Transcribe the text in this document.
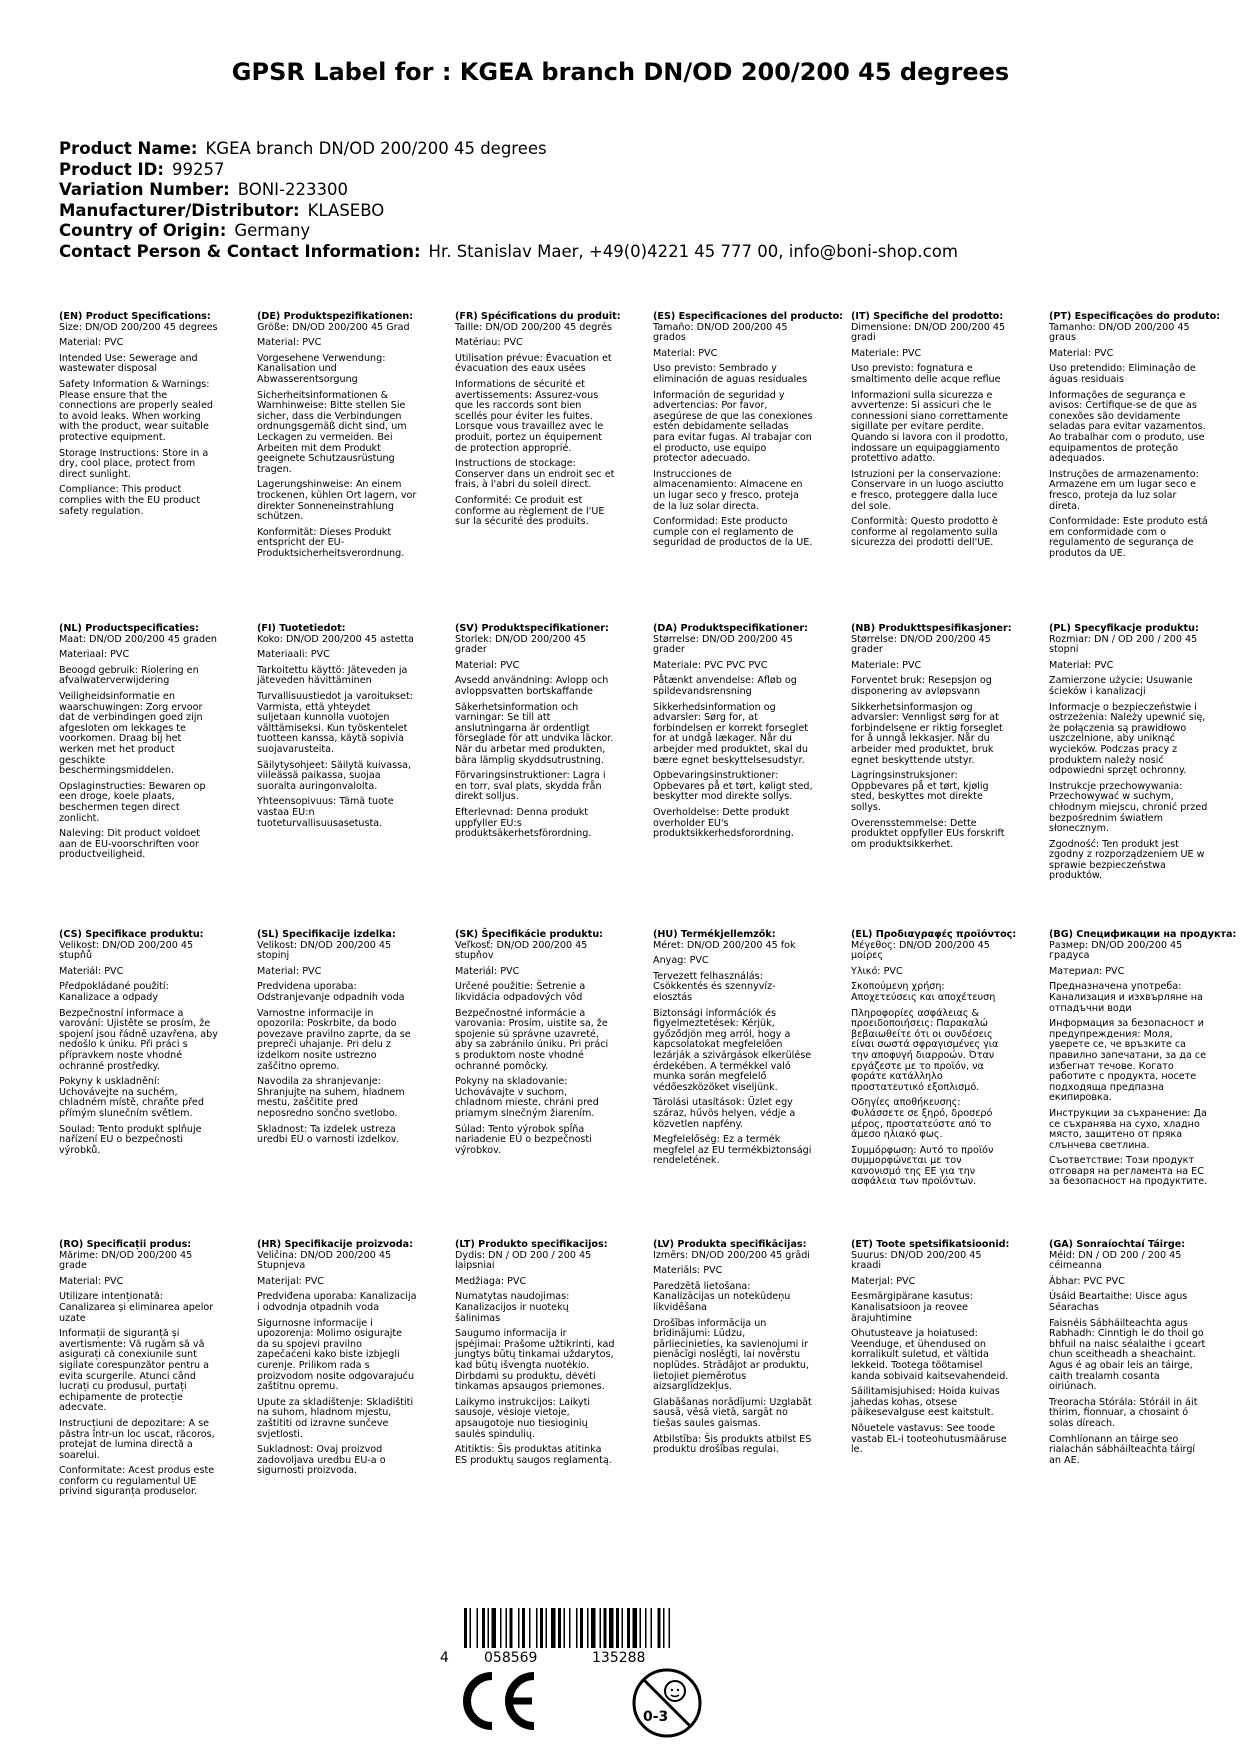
GPSR Label for : KGEA branch DN/OD 200/200 45 degrees
Product Name: KGEA branch DN/OD 200/200 45 degrees
Product ID: 99257
Variation Number: BONI-223300
Manufacturer/Distributor: KLASEBO
Country of Origin: Germany
Contact Person & Contact Information: Hr. Stanislav Maer, +49(0)4221 45 777 00, info@boni-shop.com
(EN) Product Specifications:
Size: DN/OD 200/200 45 degrees
Material: PVC
Intended Use: Sewerage and wastewater disposal
Safety Information & Warnings: Please ensure that the connections are properly sealed to avoid leaks. When working with the product, wear suitable protective equipment.
Storage Instructions: Store in a dry, cool place, protect from direct sunlight.
Compliance: This product complies with the EU product safety regulation.
(DE) Produktspezifikationen:
Größe: DN/OD 200/200 45 Grad
Material: PVC
Vorgesehene Verwendung: Kanalisation und Abwasserentsorgung
Sicherheitsinformationen & Warnhinweise: Bitte stellen Sie sicher, dass die Verbindungen ordnungsgemäß dicht sind, um Leckagen zu vermeiden. Bei Arbeiten mit dem Produkt geeignete Schutzausrüstung tragen.
Lagerungshinweise: An einem trockenen, kühlen Ort lagern, vor direkter Sonneneinstrahlung schützen.
Konformität: Dieses Produkt entspricht der EU-Produktsicherheitsverordnung.
(FR) Spécifications du produit:
Taille: DN/OD 200/200 45 degrés
Matériau: PVC
Utilisation prévue: Évacuation et évacuation des eaux usées
Informations de sécurité et avertissements: Assurez-vous que les raccords sont bien scellés pour éviter les fuites. Lorsque vous travaillez avec le produit, portez un équipement de protection approprié.
Instructions de stockage: Conserver dans un endroit sec et frais, à l'abri du soleil direct.
Conformité: Ce produit est conforme au règlement de l'UE sur la sécurité des produits.
(ES) Especificaciones del producto:
Tamaño: DN/OD 200/200 45 grados
Material: PVC
Uso previsto: Sembrado y eliminación de aguas residuales
Información de seguridad y advertencias: Por favor, asegúrese de que las conexiones estén debidamente selladas para evitar fugas. Al trabajar con el producto, use equipo protector adecuado.
Instrucciones de almacenamiento: Almacene en un lugar seco y fresco, proteja de la luz solar directa.
Conformidad: Este producto cumple con el reglamento de seguridad de productos de la UE.
(IT) Specifiche del prodotto:
Dimensione: DN/OD 200/200 45 gradi
Materiale: PVC
Uso previsto: fognatura e smaltimento delle acque reflue
Informazioni sulla sicurezza e avvertenze: Si assicuri che le connessioni siano correttamente sigillate per evitare perdite. Quando si lavora con il prodotto, indossare un equipaggiamento protettivo adatto.
Istruzioni per la conservazione: Conservare in un luogo asciutto e fresco, proteggere dalla luce del sole.
Conformità: Questo prodotto è conforme al regolamento sulla sicurezza dei prodotti dell'UE.
(PT) Especificações do produto:
Tamanho: DN/OD 200/200 45 graus
Material: PVC
Uso pretendido: Eliminação de águas residuais
Informações de segurança e avisos: Certifique-se de que as conexões são devidamente seladas para evitar vazamentos. Ao trabalhar com o produto, use equipamentos de proteção adequados.
Instruções de armazenamento: Armazene em um lugar seco e fresco, proteja da luz solar direta.
Conformidade: Este produto está em conformidade com o regulamento de segurança de produtos da UE.
(NL) Productspecificaties:
Maat: DN/OD 200/200 45 graden
Materiaal: PVC
Beoogd gebruik: Riolering en afvalwaterverwijdering
Veiligheidsinformatie en waarschuwingen: Zorg ervoor dat de verbindingen goed zijn afgesloten om lekkages te voorkomen. Draag bij het werken met het product geschikte beschermingsmiddelen.
Opslaginstructies: Bewaren op een droge, koele plaats, beschermen tegen direct zonlicht.
Naleving: Dit product voldoet aan de EU-voorschriften voor productveiligheid.
(FI) Tuotetiedot:
Koko: DN/OD 200/200 45 astetta
Materiaali: PVC
Tarkoitettu käyttö: Jäteveden ja jäteveden hävittäminen
Turvallisuustiedot ja varoitukset: Varmista, että yhteydet suljetaan kunnolla vuotojen välttämiseksi. Kun työskentelet tuotteen kanssa, käytä sopivia suojavarusteita.
Säilytysohjeet: Säilytä kuivassa, viileässä paikassa, suojaa suoralta auringonvalolta.
Yhteensopivuus: Tämä tuote vastaa EU:n tuoteturvallisuusasetusta.
(SV) Produktspecifikationer:
Storlek: DN/OD 200/200 45 grader
Material: PVC
Avsedd användning: Avlopp och avloppsvatten bortskaffande
Säkerhetsinformation och varningar: Se till att anslutningarna är ordentligt förseglade för att undvika läckor. När du arbetar med produkten, bära lämplig skyddsutrustning.
Förvaringsinstruktioner: Lagra i en torr, sval plats, skydda från direkt solljus.
Efterlevnad: Denna produkt uppfyller EU:s produktsäkerhetsförordning.
(DA) Produktspecifikationer:
Størrelse: DN/OD 200/200 45 grader
Materiale: PVC PVC PVC
Påtænkt anvendelse: Afløb og spildevandsrensning
Sikkerhedsinformation og advarsler: Sørg for, at forbindelsen er korrekt forseglet for at undgå lækager. Når du arbejder med produktet, skal du bære egnet beskyttelsesudstyr.
Opbevaringsinstruktioner: Opbevares på et tørt, køligt sted, beskytter mod direkte sollys.
Overholdelse: Dette produkt overholder EU's produktsikkerhedsforordning.
(NB) Produkttspesifikasjoner:
Størrelse: DN/OD 200/200 45 grader
Materiale: PVC
Forventet bruk: Resepsjon og disponering av avløpsvann
Sikkerhetsinformasjon og advarsler: Vennligst sørg for at forbindelsene er riktig forseglet for å unngå lekkasjer. Når du arbeider med produktet, bruk egnet beskyttende utstyr.
Lagringsinstruksjoner: Oppbevares på et tørt, kjølig sted, beskyttes mot direkte sollys.
Overensstemmelse: Dette produktet oppfyller EUs forskrift om produktsikkerhet.
(PL) Specyfikacje produktu:
Rozmiar: DN / OD 200 / 200 45 stopni
Materiał: PVC
Zamierzone użycie: Usuwanie ścieków i kanalizacji
Informacje o bezpieczeństwie i ostrzeżenia: Należy upewnić się, że połączenia są prawidłowo uszczelnione, aby uniknąć wycieków. Podczas pracy z produktem należy nosić odpowiedni sprzęt ochronny.
Instrukcje przechowywania: Przechowywać w suchym, chłodnym miejscu, chronić przed bezpośrednim światłem słonecznym.
Zgodność: Ten produkt jest zgodny z rozporządzeniem UE w sprawie bezpieczeństwa produktów.
(CS) Specifikace produktu:
Velikost: DN/OD 200/200 45 stupňů
Materiál: PVC
Předpokládané použití: Kanalizace a odpady
Bezpečnostní informace a varování: Ujistěte se prosím, že spojení jsou řádně uzavřena, aby nedošlo k úniku. Při práci s přípravkem noste vhodné ochranné prostředky.
Pokyny k uskladnění: Uchovávejte na suchém, chladném místě, chraňte před přímým slunečním světlem.
Soulad: Tento produkt splňuje nařízení EU o bezpečnosti výrobků.
(SL) Specifikacije izdelka:
Velikost: DN/OD 200/200 45 stopinj
Material: PVC
Predvidena uporaba: Odstranjevanje odpadnih voda
Varnostne informacije in opozorila: Poskrbite, da bodo povezave pravilno zaprte, da se prepreči uhajanje. Pri delu z izdelkom nosite ustrezno zaščitno opremo.
Navodila za shranjevanje: Shranjujte na suhem, hladnem mestu, zaščitite pred neposredno sončno svetlobo.
Skladnost: Ta izdelek ustreza uredbi EU o varnosti izdelkov.
(SK) Špecifikácie produktu:
Veľkosť: DN/OD 200/200 45 stupňov
Materiál: PVC
Určené použitie: Šetrenie a likvidácia odpadových vôd
Bezpečnostné informácie a varovania: Prosím, uistite sa, že spojenie sú správne uzavreté, aby sa zabránilo úniku. Pri práci s produktom noste vhodné ochranné pomôcky.
Pokyny na skladovanie: Uchovávajte v suchom, chladnom mieste, chráni pred priamym slnečným žiarením.
Súlad: Tento výrobok spĺňa nariadenie EÚ o bezpečnosti výrobkov.
(HU) Termékjellemzők:
Méret: DN/OD 200/200 45 fok
Anyag: PVC
Tervezett felhasználás: Csökkentés és szennyvíz-elosztás
Biztonsági információk és figyelmeztetések: Kérjük, győződjön meg arról, hogy a kapcsolatokat megfelelően lezárják a szivárgások elkerülése érdekében. A termékkel való munka során megfelelő védőeszközöket viseljünk.
Tárolási utasítások: Üzlet egy száraz, hűvös helyen, védje a közvetlen napfény.
Megfelelőség: Ez a termék megfelel az EU termékbiztonsági rendeletének.
(EL) Προδιαγραφές προϊόντος:
Μέγεθος: DN/OD 200/200 45 μοίρες
Υλικό: PVC
Σκοπούμενη χρήση: Αποχετεύσεις και αποχέτευση
Πληροφορίες ασφάλειας & προειδοποιήσεις: Παρακαλώ βεβαιωθείτε ότι οι συνδέσεις είναι σωστά σφραγισμένες για την αποφυγή διαρροών. Όταν εργάζεστε με το προϊόν, να φοράτε κατάλληλο προστατευτικό εξοπλισμό.
Οδηγίες αποθήκευσης: Φυλάσσετε σε ξηρό, δροσερό μέρος, προστατεύστε από το άμεσο ηλιακό φως.
Συμμόρφωση: Αυτό το προϊόν συμμορφώνεται με τον κανονισμό της ΕΕ για την ασφάλεια των προϊόντων.
(BG) Спецификации на продукта:
Размер: DN/OD 200/200 45 градуса
Материал: PVC
Предназначена употреба: Канализация и изхвърляне на отпадъчни води
Информация за безопасност и предупреждения: Моля, уверете се, че връзките са правилно запечатани, за да се избегнат течове. Когато работите с продукта, носете подходяща предпазна екипировка.
Инструкции за съхранение: Да се съхранява на сухо, хладно място, защитено от пряка слънчева светлина.
Съответствие: Този продукт отговаря на регламента на ЕС за безопасност на продуктите.
(RO) Specificații produs:
Mărime: DN/OD 200/200 45 grade
Material: PVC
Utilizare intenționată: Canalizarea și eliminarea apelor uzate
Informații de siguranță și avertismente: Vă rugăm să vă asigurați că conexiunile sunt sigilate corespunzător pentru a evita scurgerile. Atunci când lucrați cu produsul, purtați echipamente de protecție adecvate.
Instrucțiuni de depozitare: A se păstra într-un loc uscat, răcoros, protejat de lumina directă a soarelui.
Conformitate: Acest produs este conform cu regulamentul UE privind siguranța produselor.
(HR) Specifikacije proizvoda:
Veličina: DN/OD 200/200 45 Stupnjeva
Materijal: PVC
Predviđena uporaba: Kanalizacija i odvodnja otpadnih voda
Sigurnosne informacije i upozorenja: Molimo osigurajte da su spojevi pravilno zapečaćeni kako biste izbjegli curenje. Prilikom rada s proizvodom nosite odgovarajuću zaštitnu opremu.
Upute za skladištenje: Skladištiti na suhom, hladnom mjestu, zaštititi od izravne sunčeve svjetlosti.
Sukladnost: Ovaj proizvod zadovoljava uredbu EU-a o sigurnosti proizvoda.
(LT) Produkto specifikacijos:
Dydis: DN / OD 200 / 200 45 laipsniai
Medžiaga: PVC
Numatytas naudojimas: Kanalizacijos ir nuotekų šalinimas
Saugumo informacija ir įspėjimai: Prašome užtikrinti, kad jungtys būtų tinkamai uždarytos, kad būtų išvengta nuotėkio. Dirbdami su produktu, dėvėti tinkamas apsaugos priemones.
Laikymo instrukcijos: Laikyti sausoje, vėsioje vietoje, apsaugotoje nuo tiesioginių saulės spindulių.
Atitiktis: Šis produktas atitinka ES produktų saugos reglamentą.
(LV) Produkta specifikācijas:
Izmērs: DN/OD 200/200 45 grādi
Materiāls: PVC
Paredzētā lietošana: Kanalizācijas un notekūdeņu likvidēšana
Drošības informācija un brīdinājumi: Lūdzu, pārliecinieties, ka savienojumi ir pienācīgi noslēgti, lai novērstu noplūdes. Strādājot ar produktu, lietojiet piemērotus aizsarglīdzekļus.
Glabāšanas norādījumi: Uzglabāt sausā, vēsā vietā, sargāt no tiešas saules gaismas.
Atbilstība: Šis produkts atbilst ES produktu drošības regulai.
(ET) Toote spetsifikatsioonid:
Suurus: DN/OD 200/200 45 kraadi
Materjal: PVC
Eesmärgipärane kasutus: Kanalisatsioon ja reovee ärajuhtimine
Ohutusteave ja hoiatused: Veenduge, et ühendused on korralikult suletud, et vältida lekkeid. Tootega töötamisel kanda sobivaid kaitsevahendeid.
Säilitamisjuhised: Hoida kuivas jahedas kohas, otsese päikesevalguse eest kaitstult.
Nõuetele vastavus: See toode vastab EL-i tooteohutusmääruse le.
(GA) Sonraíochtaí Táirge:
Méid: DN / OD 200 / 200 45 céimeanna
Ábhar: PVC PVC
Úsáid Beartaithe: Uisce agus Séarachas
Faisnéis Sábháilteachta agus Rabhadh: Cinntigh le do thoil go bhfuil na naisc séalaithe i gceart chun sceitheadh a sheachaint. Agus é ag obair leis an táirge, caith trealamh cosanta oiriúnach.
Treoracha Stórála: Stóráil in áit thirim, fionnuar, a chosaint ó solas díreach.
Comhlíonann an táirge seo rialachán sábháilteachta táirgí an AE.
4	058569	135288
0-3
